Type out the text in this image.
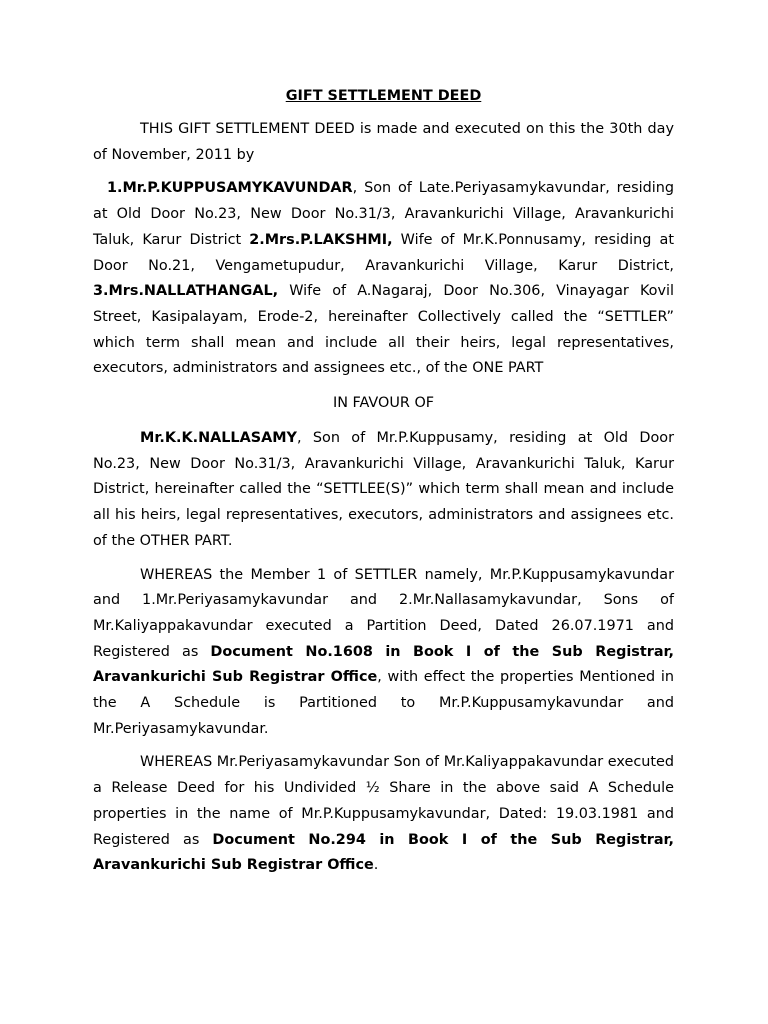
GIFT SETTLEMENT DEED

THIS GIFT SETTLEMENT DEED is made and executed on this the 30th day of November, 2011 by

1.Mr.P.KUPPUSAMYKAVUNDAR, Son of Late.Periyasamykavundar, residing at Old Door No.23, New Door No.31/3, Aravankurichi Village, Aravankurichi Taluk, Karur District 2.Mrs.P.LAKSHMI, Wife of Mr.K.Ponnusamy, residing at Door No.21, Vengametupudur, Aravankurichi Village, Karur District, 3.Mrs.NALLATHANGAL, Wife of A.Nagaraj, Door No.306, Vinayagar Kovil Street, Kasipalayam, Erode-2, hereinafter Collectively called the “SETTLER” which term shall mean and include all their heirs, legal representatives, executors, administrators and assignees etc., of the ONE PART

IN FAVOUR OF

Mr.K.K.NALLASAMY, Son of Mr.P.Kuppusamy, residing at Old Door No.23, New Door No.31/3, Aravankurichi Village, Aravankurichi Taluk, Karur District, hereinafter called the “SETTLEE(S)” which term shall mean and include all his heirs, legal representatives, executors, administrators and assignees etc. of the OTHER PART.

WHEREAS the Member 1 of SETTLER namely, Mr.P.Kuppusamykavundar and 1.Mr.Periyasamykavundar and 2.Mr.Nallasamykavundar, Sons of Mr.Kaliyappakavundar executed a Partition Deed, Dated 26.07.1971 and Registered as Document No.1608 in Book I of the Sub Registrar, Aravankurichi Sub Registrar Office, with effect the properties Mentioned in the A Schedule is Partitioned to Mr.P.Kuppusamykavundar and Mr.Periyasamykavundar.

WHEREAS Mr.Periyasamykavundar Son of Mr.Kaliyappakavundar executed a Release Deed for his Undivided ½ Share in the above said A Schedule properties in the name of Mr.P.Kuppusamykavundar, Dated: 19.03.1981 and Registered as Document No.294 in Book I of the Sub Registrar, Aravankurichi Sub Registrar Office.
